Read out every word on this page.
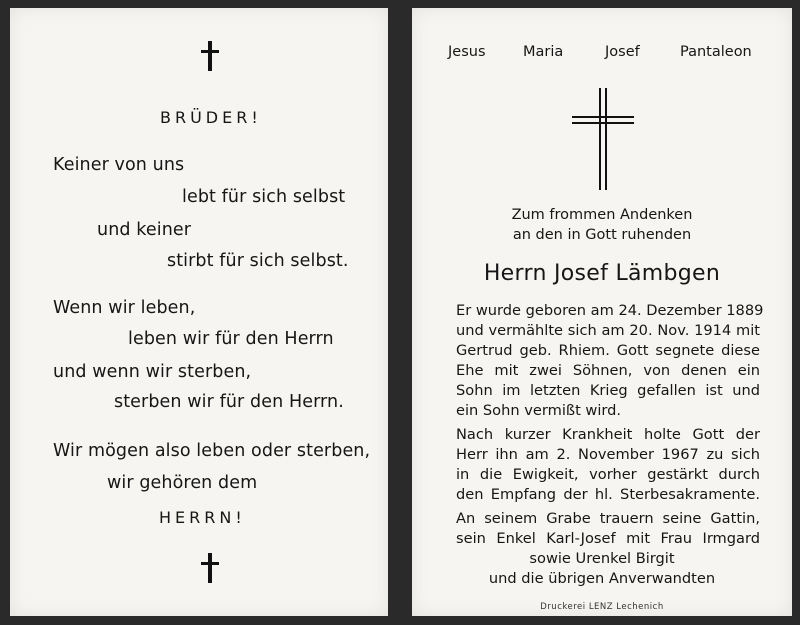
BRÜDER!
Keiner von uns
lebt für sich selbst
und keiner
stirbt für sich selbst.
Wenn wir leben,
leben wir für den Herrn
und wenn wir sterben,
sterben wir für den Herrn.
Wir mögen also leben oder sterben,
wir gehören dem
HERRN!
Jesus	Maria	Josef	Pantaleon
Zum frommen Andenken
an den in Gott ruhenden
Herrn Josef Lämbgen
Er wurde geboren am 24. Dezember 1889
und vermählte sich am 20. Nov. 1914 mit
Gertrud geb. Rhiem. Gott segnete diese
Ehe mit zwei Söhnen, von denen ein
Sohn im letzten Krieg gefallen ist und
ein Sohn vermißt wird.
Nach kurzer Krankheit holte Gott der
Herr ihn am 2. November 1967 zu sich
in die Ewigkeit, vorher gestärkt durch
den Empfang der hl. Sterbesakramente.
An seinem Grabe trauern seine Gattin,
sein Enkel Karl-Josef mit Frau Irmgard
sowie Urenkel Birgit
und die übrigen Anverwandten
Druckerei LENZ Lechenich
